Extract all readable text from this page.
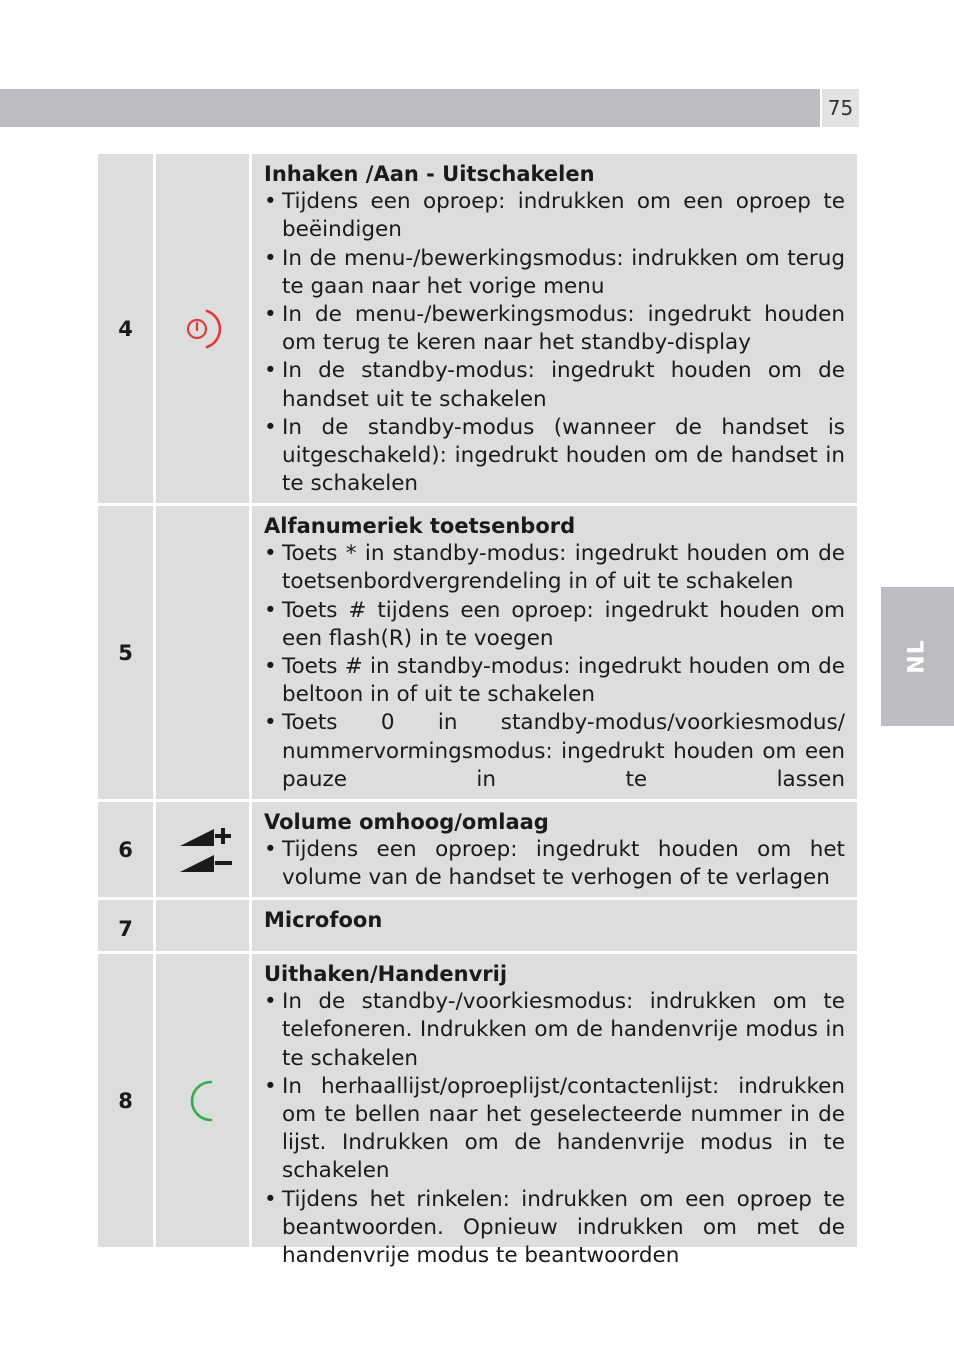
75
NL
4

Inhaken /Aan - Uitschakelen

• Tijdens een oproep: indrukken om een oproep te beëindigen
• In de menu-/bewerkingsmodus: indrukken om terug te gaan naar het vorige menu
• In de menu-/bewerkingsmodus: ingedrukt houden om terug te keren naar het standby-display
• In de standby-modus: ingedrukt houden om de handset uit te schakelen
• In de standby-modus (wanneer de handset is uitgeschakeld): ingedrukt houden om de handset in te schakelen
5

Alfanumeriek toetsenbord

• Toets * in standby-modus: ingedrukt houden om de toetsenbordvergrendeling in of uit te schakelen
• Toets # tijdens een oproep: ingedrukt houden om een flash(R) in te voegen
• Toets # in standby-modus: ingedrukt houden om de beltoon in of uit te schakelen
• Toets 0 in standby-modus/voorkiesmodus/ nummervormingsmodus: ingedrukt houden om een pauze in te lassen
6

Volume omhoog/omlaag

• Tijdens een oproep: ingedrukt houden om het volume van de handset te verhogen of te verlagen
7	Microfoon

8

Uithaken/Handenvrij

• In de standby-/voorkiesmodus: indrukken om te telefoneren. Indrukken om de handenvrije modus in te schakelen
• In herhaallijst/oproeplijst/contactenlijst: indrukken om te bellen naar het geselecteerde nummer in de lijst. Indrukken om de handenvrije modus in te schakelen
• Tijdens het rinkelen: indrukken om een oproep te beantwoorden. Opnieuw indrukken om met de handenvrije modus te beantwoorden
